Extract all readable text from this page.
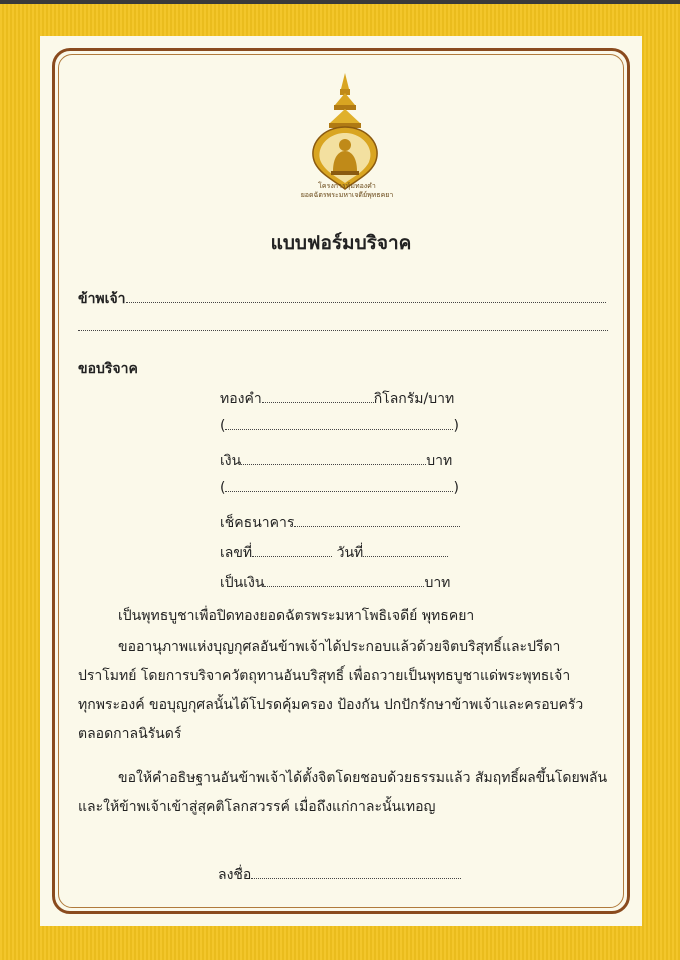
โครงการหุ้มทองคำ
ยอดฉัตรพระมหาเจดีย์พุทธคยา
แบบฟอร์มบริจาค
ข้าพเจ้า
ขอบริจาค
ทองคำ	กิโลกรัม/บาท
(	)
เงิน	บาท
(	)
เช็คธนาคาร
เลขที่	วันที่
เป็นเงิน	บาท
เป็นพุทธบูชาเพื่อปิดทองยอดฉัตรพระมหาโพธิเจดีย์ พุทธคยา
ขออานุภาพแห่งบุญกุศลอันข้าพเจ้าได้ประกอบแล้วด้วยจิตบริสุทธิ์และปรีดา
ปราโมทย์ โดยการบริจาควัตถุทานอันบริสุทธิ์ เพื่อถวายเป็นพุทธบูชาแด่พระพุทธเจ้า
ทุกพระองค์ ขอบุญกุศลนั้นได้โปรดคุ้มครอง ป้องกัน ปกปักรักษาข้าพเจ้าและครอบครัว
ตลอดกาลนิรันดร์
ขอให้คำอธิษฐานอันข้าพเจ้าได้ตั้งจิตโดยชอบด้วยธรรมแล้ว สัมฤทธิ์ผลขึ้นโดยพลัน
และให้ข้าพเจ้าเข้าสู่สุคติโลกสวรรค์ เมื่อถึงแก่กาละนั้นเทอญ
ลงชื่อ
